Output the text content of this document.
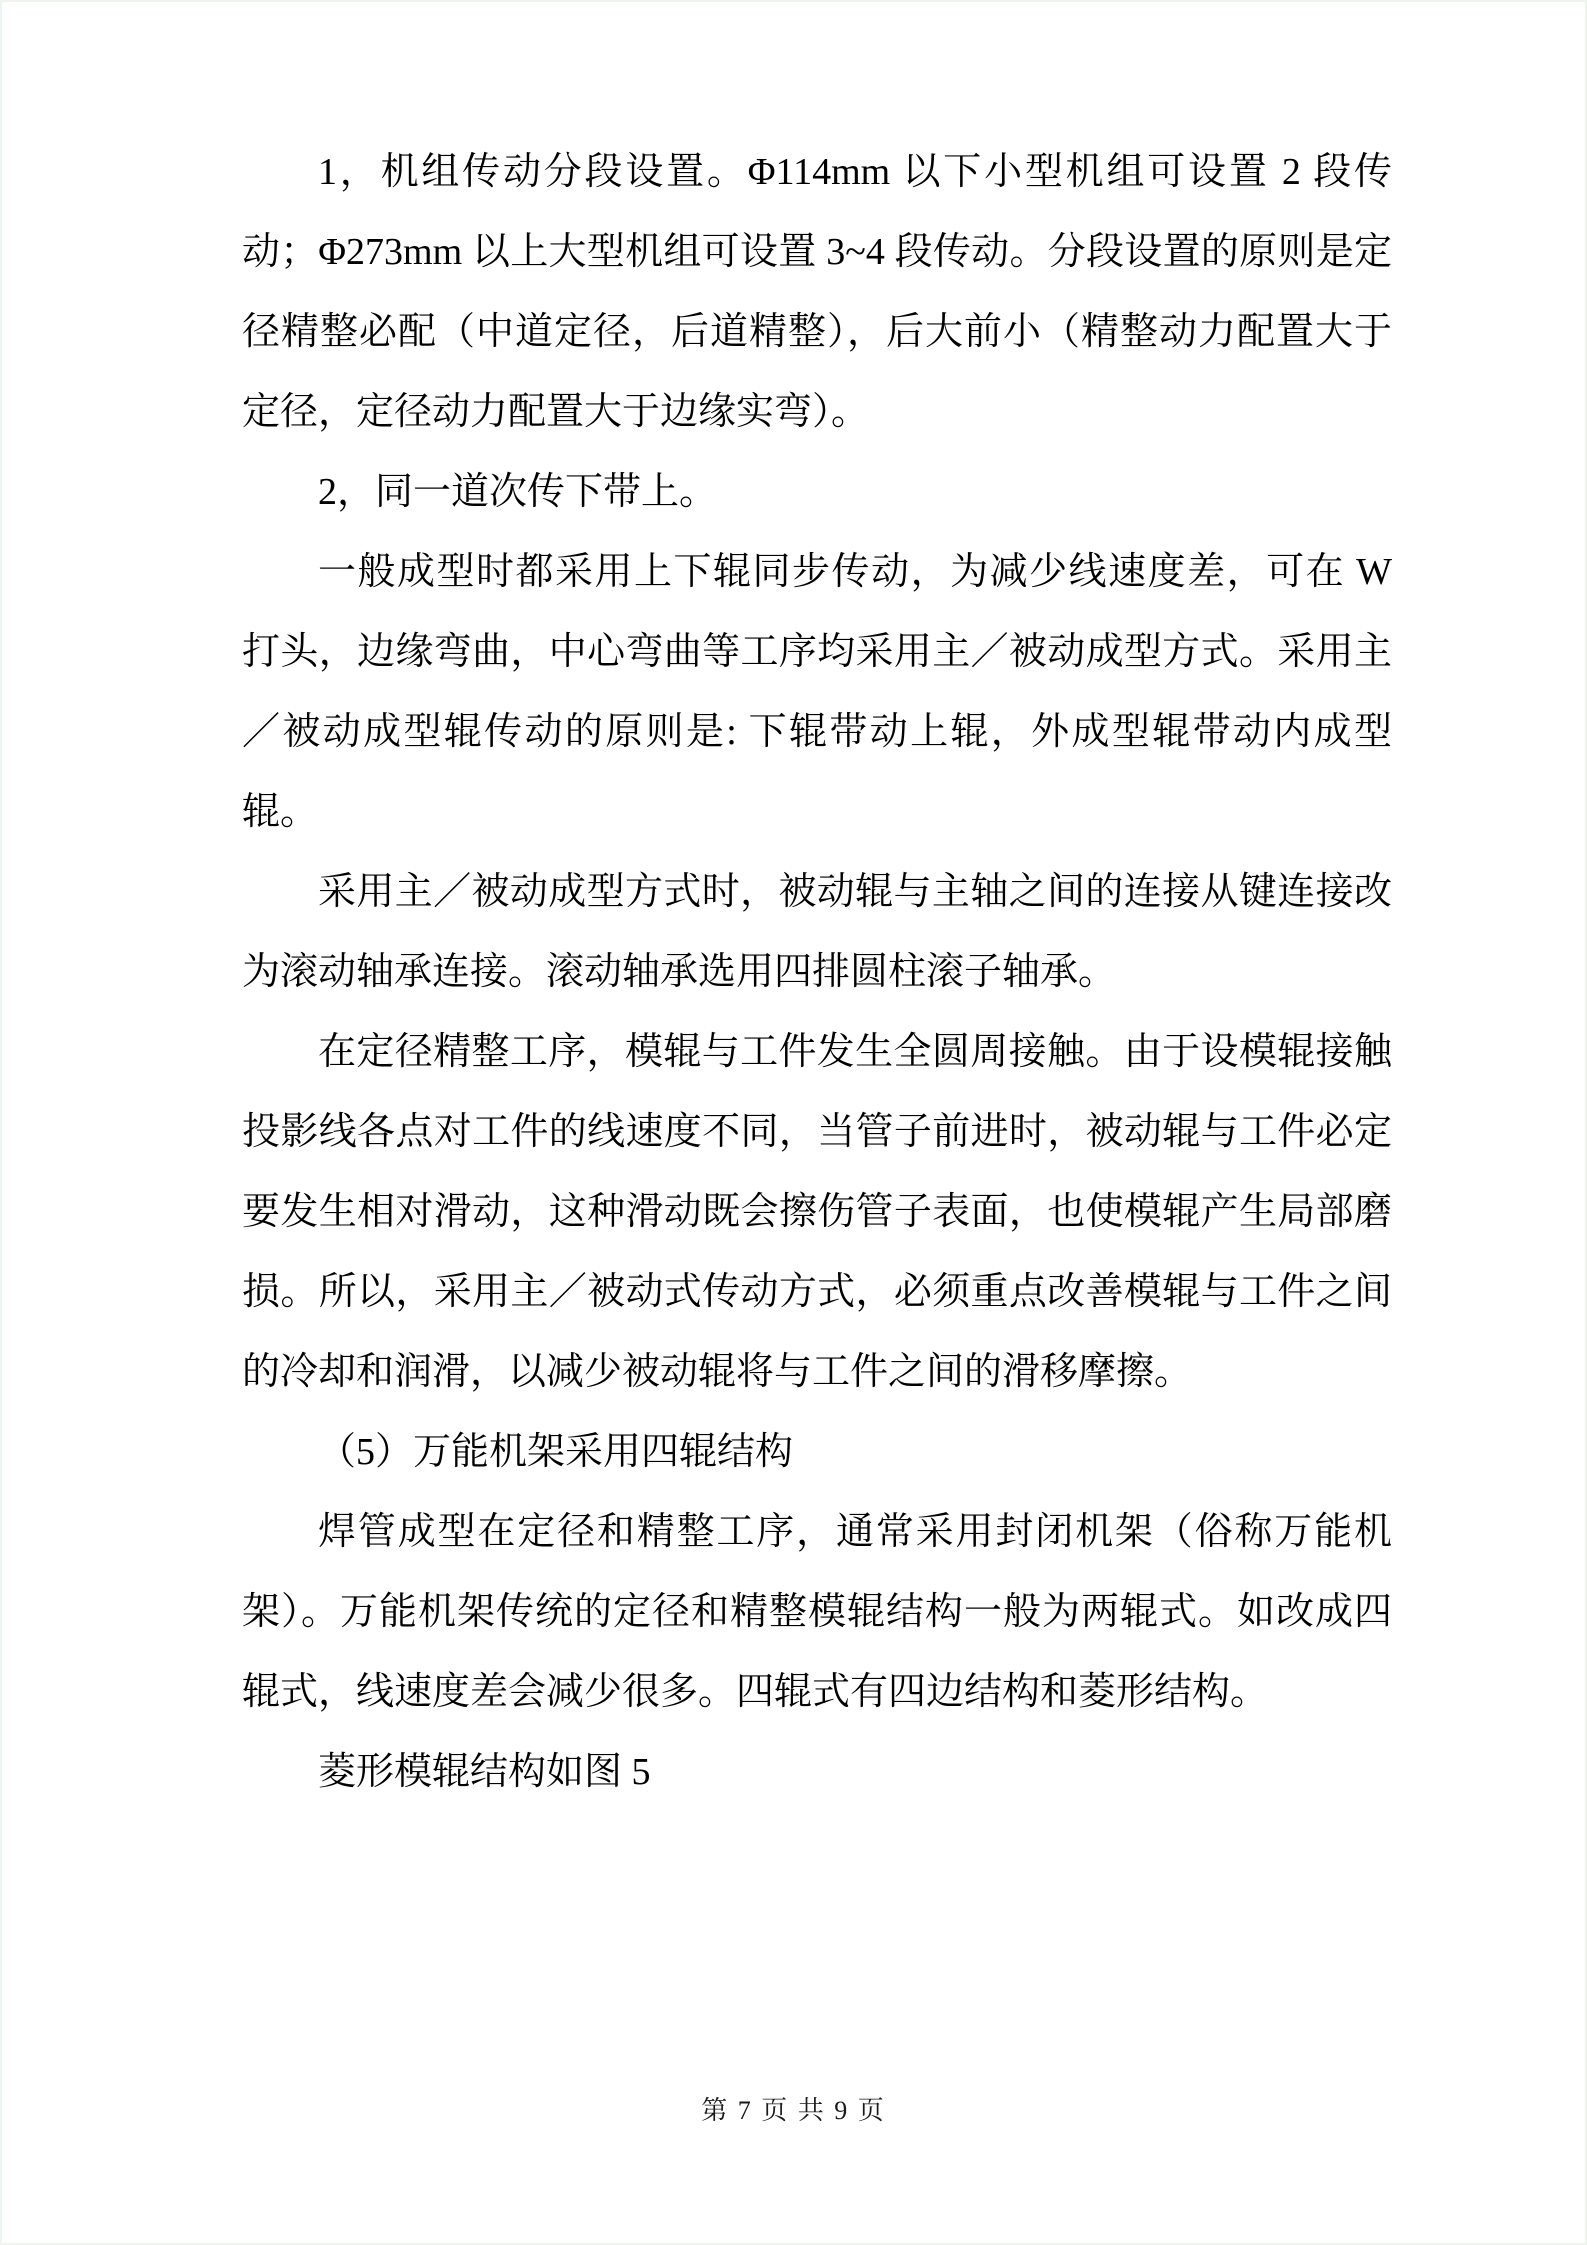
1，机组传动分段设置。Φ114mm 以下小型机组可设置 2 段传动；Φ273mm 以上大型机组可设置 3~4 段传动。分段设置的原则是定径精整必配（中道定径，后道精整），后大前小（精整动力配置大于定径，定径动力配置大于边缘实弯）。

2，同一道次传下带上。

一般成型时都采用上下辊同步传动，为减少线速度差，可在 W 打头，边缘弯曲，中心弯曲等工序均采用主／被动成型方式。采用主／被动成型辊传动的原则是: 下辊带动上辊，外成型辊带动内成型辊。

采用主／被动成型方式时，被动辊与主轴之间的连接从键连接改为滚动轴承连接。滚动轴承选用四排圆柱滚子轴承。

在定径精整工序，模辊与工件发生全圆周接触。由于设模辊接触投影线各点对工件的线速度不同，当管子前进时，被动辊与工件必定要发生相对滑动，这种滑动既会擦伤管子表面，也使模辊产生局部磨损。所以，采用主／被动式传动方式，必须重点改善模辊与工件之间的冷却和润滑，以减少被动辊将与工件之间的滑移摩擦。

（5）万能机架采用四辊结构

焊管成型在定径和精整工序，通常采用封闭机架（俗称万能机架）。万能机架传统的定径和精整模辊结构一般为两辊式。如改成四辊式，线速度差会减少很多。四辊式有四边结构和菱形结构。

菱形模辊结构如图 5

第 7 页 共 9 页
